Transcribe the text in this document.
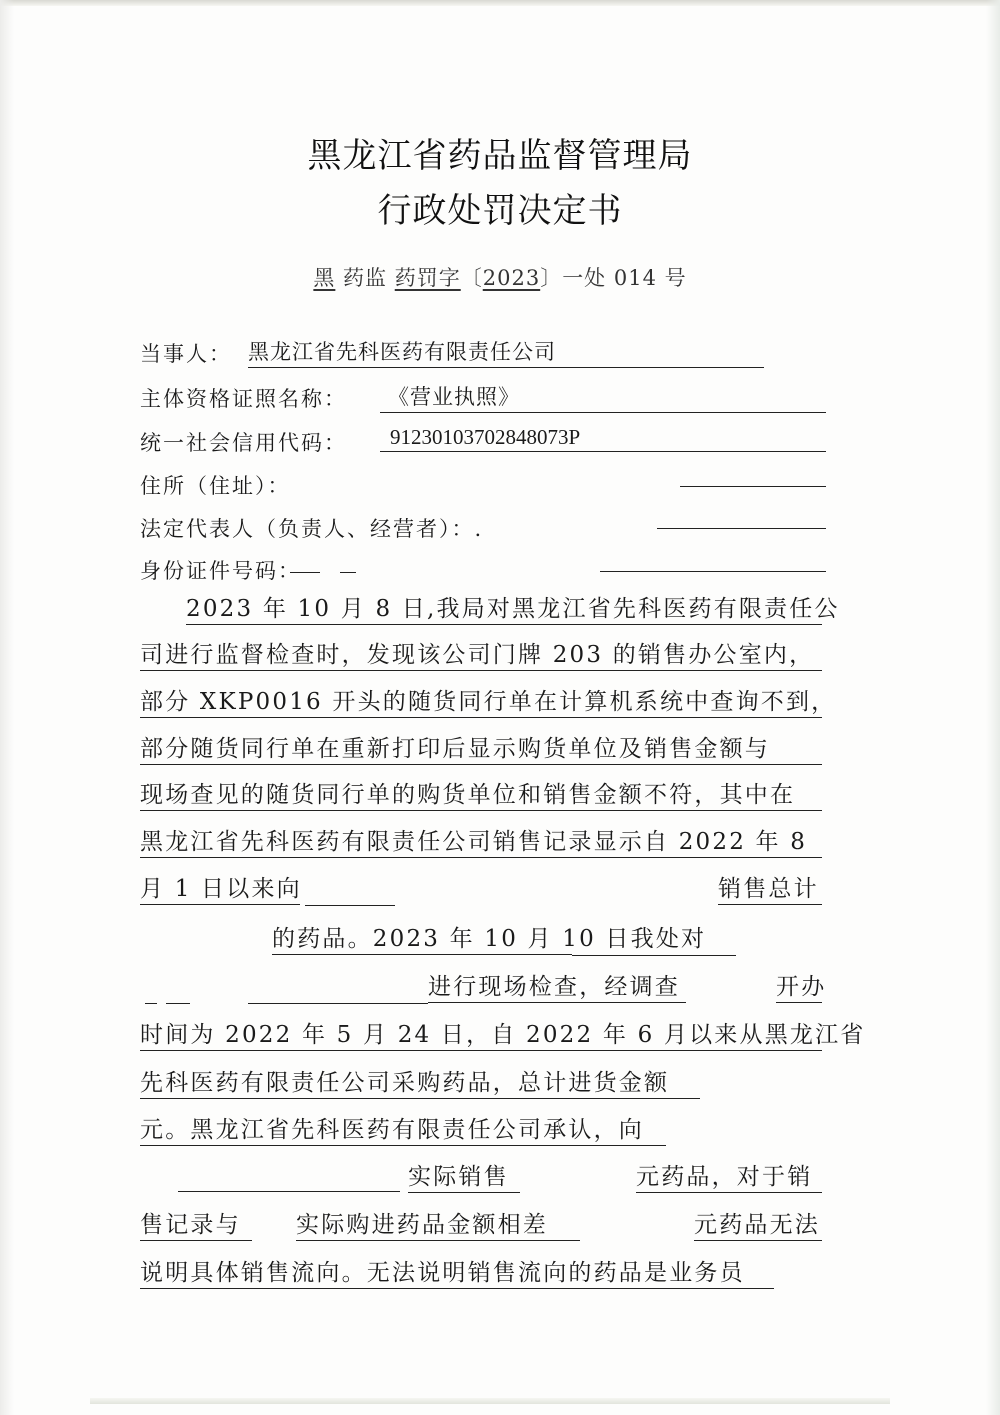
黑龙江省药品监督管理局
行政处罚决定书
黑 药监 药罚字〔2023〕一处 014 号
当事人： 黑龙江省先科医药有限责任公司
主体资格证照名称：	《营业执照》
统一社会信用代码：	91230103702848073P
住所（住址）：
法定代表人（负责人、经营者）：.
身份证件号码：
2023 年 10 月 8 日,我局对黑龙江省先科医药有限责任公
司进行监督检查时，发现该公司门牌 203 的销售办公室内，
部分 XKP0016 开头的随货同行单在计算机系统中查询不到，
部分随货同行单在重新打印后显示购货单位及销售金额与
现场查见的随货同行单的购货单位和销售金额不符，其中在
黑龙江省先科医药有限责任公司销售记录显示自 2022 年 8
月 1 日以来向	销售总计
的药品。2023 年 10 月 10 日我处对
进行现场检查，经调查	开办
时间为 2022 年 5 月 24 日，自 2022 年 6 月以来从黑龙江省
先科医药有限责任公司采购药品，总计进货金额
元。黑龙江省先科医药有限责任公司承认，向
实际销售	元药品，对于销
售记录与	实际购进药品金额相差	元药品无法
说明具体销售流向。无法说明销售流向的药品是业务员
